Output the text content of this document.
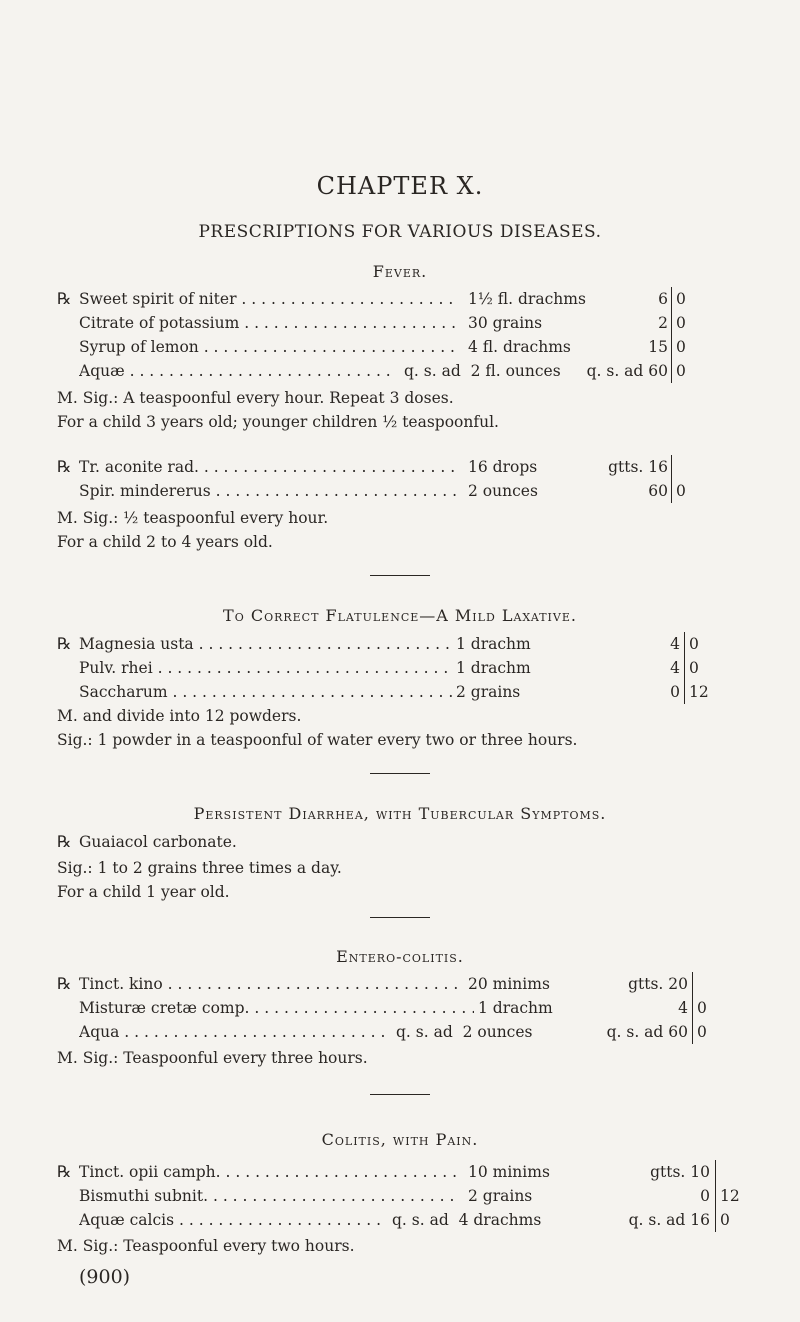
CHAPTER X.
PRESCRIPTIONS FOR VARIOUS DISEASES.
Fever.
℞ Sweet spirit of niter . . .	1½ fl. drachms	6 0
Citrate of potassium . . .	30 grains	2 0
Syrup of lemon . . .	4 fl. drachms	15 0
Aquæ . . .	q. s. ad  2 fl. ounces	q. s. ad 60 0
M. Sig.: A teaspoonful every hour. Repeat 3 doses.
For a child 3 years old; younger children ½ teaspoonful.
℞ Tr. aconite rad. . . .	16 drops	gtts. 16
Spir. mindererus . . .	2 ounces	60 0
M. Sig.: ½ teaspoonful every hour.
For a child 2 to 4 years old.
To Correct Flatulence—A Mild Laxative.
℞ Magnesia usta . . .	1 drachm	4 0
Pulv. rhei . . .	1 drachm	4 0
Saccharum . . .	2 grains	0 12
M. and divide into 12 powders.
Sig.: 1 powder in a teaspoonful of water every two or three hours.
Persistent Diarrhea, with Tubercular Symptoms.
℞ Guaiacol carbonate.
Sig.: 1 to 2 grains three times a day.
For a child 1 year old.
Entero-colitis.
℞ Tinct. kino . . .	20 minims	gtts. 20
Misturæ cretæ comp. . . .	1 drachm	4 0
Aqua . . .	q. s. ad  2 ounces	q. s. ad 60 0
M. Sig.: Teaspoonful every three hours.
Colitis, with Pain.
℞ Tinct. opii camph. . . .	10 minims	gtts. 10
Bismuthi subnit. . . .	2 grains	0 12
Aquæ calcis . . .	q. s. ad  4 drachms	q. s. ad 16 0
M. Sig.: Teaspoonful every two hours.
(900)
